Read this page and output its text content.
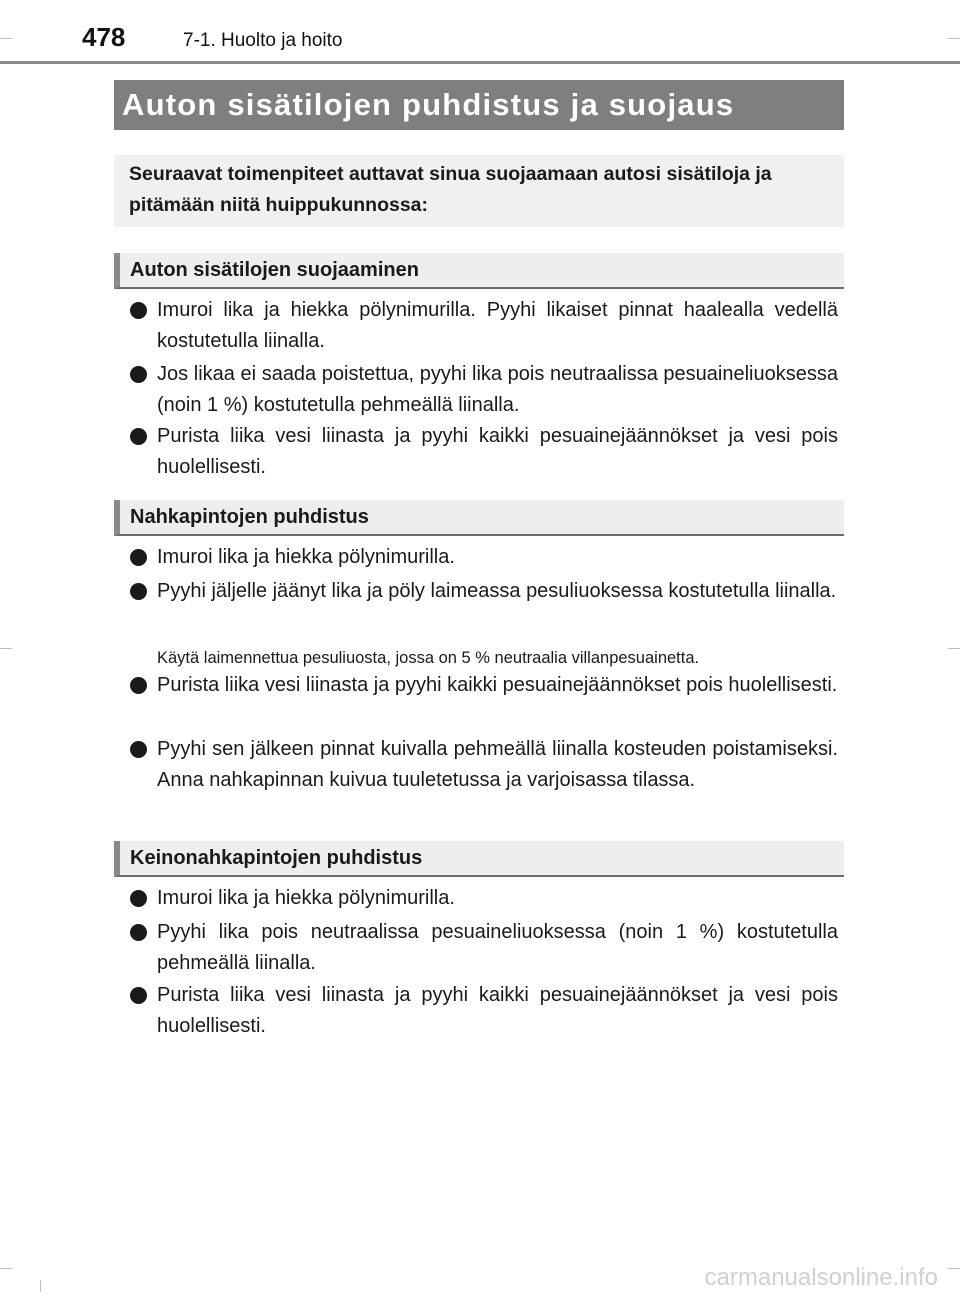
478	7-1. Huolto ja hoito
Auton sisätilojen puhdistus ja suojaus
Seuraavat toimenpiteet auttavat sinua suojaamaan autosi sisätiloja ja pitämään niitä huippukunnossa:
Auton sisätilojen suojaaminen
Imuroi lika ja hiekka pölynimurilla. Pyyhi likaiset pinnat haalealla vedellä kostutetulla liinalla.
Jos likaa ei saada poistettua, pyyhi lika pois neutraalissa pesuaineliuoksessa (noin 1 %) kostutetulla pehmeällä liinalla.
Purista liika vesi liinasta ja pyyhi kaikki pesuainejäännökset ja vesi pois huolellisesti.
Nahkapintojen puhdistus
Imuroi lika ja hiekka pölynimurilla.
Pyyhi jäljelle jäänyt lika ja pöly laimeassa pesuliuoksessa kostutetulla liinalla.
Käytä laimennettua pesuliuosta, jossa on 5 % neutraalia villanpesuainetta.
Purista liika vesi liinasta ja pyyhi kaikki pesuainejäännökset pois huolellisesti.
Pyyhi sen jälkeen pinnat kuivalla pehmeällä liinalla kosteuden poistamiseksi. Anna nahkapinnan kuivua tuuletetussa ja varjoisassa tilassa.
Keinonahkapintojen puhdistus
Imuroi lika ja hiekka pölynimurilla.
Pyyhi lika pois neutraalissa pesuaineliuoksessa (noin 1 %) kostutetulla pehmeällä liinalla.
Purista liika vesi liinasta ja pyyhi kaikki pesuainejäännökset ja vesi pois huolellisesti.
carmanualsonline.info
